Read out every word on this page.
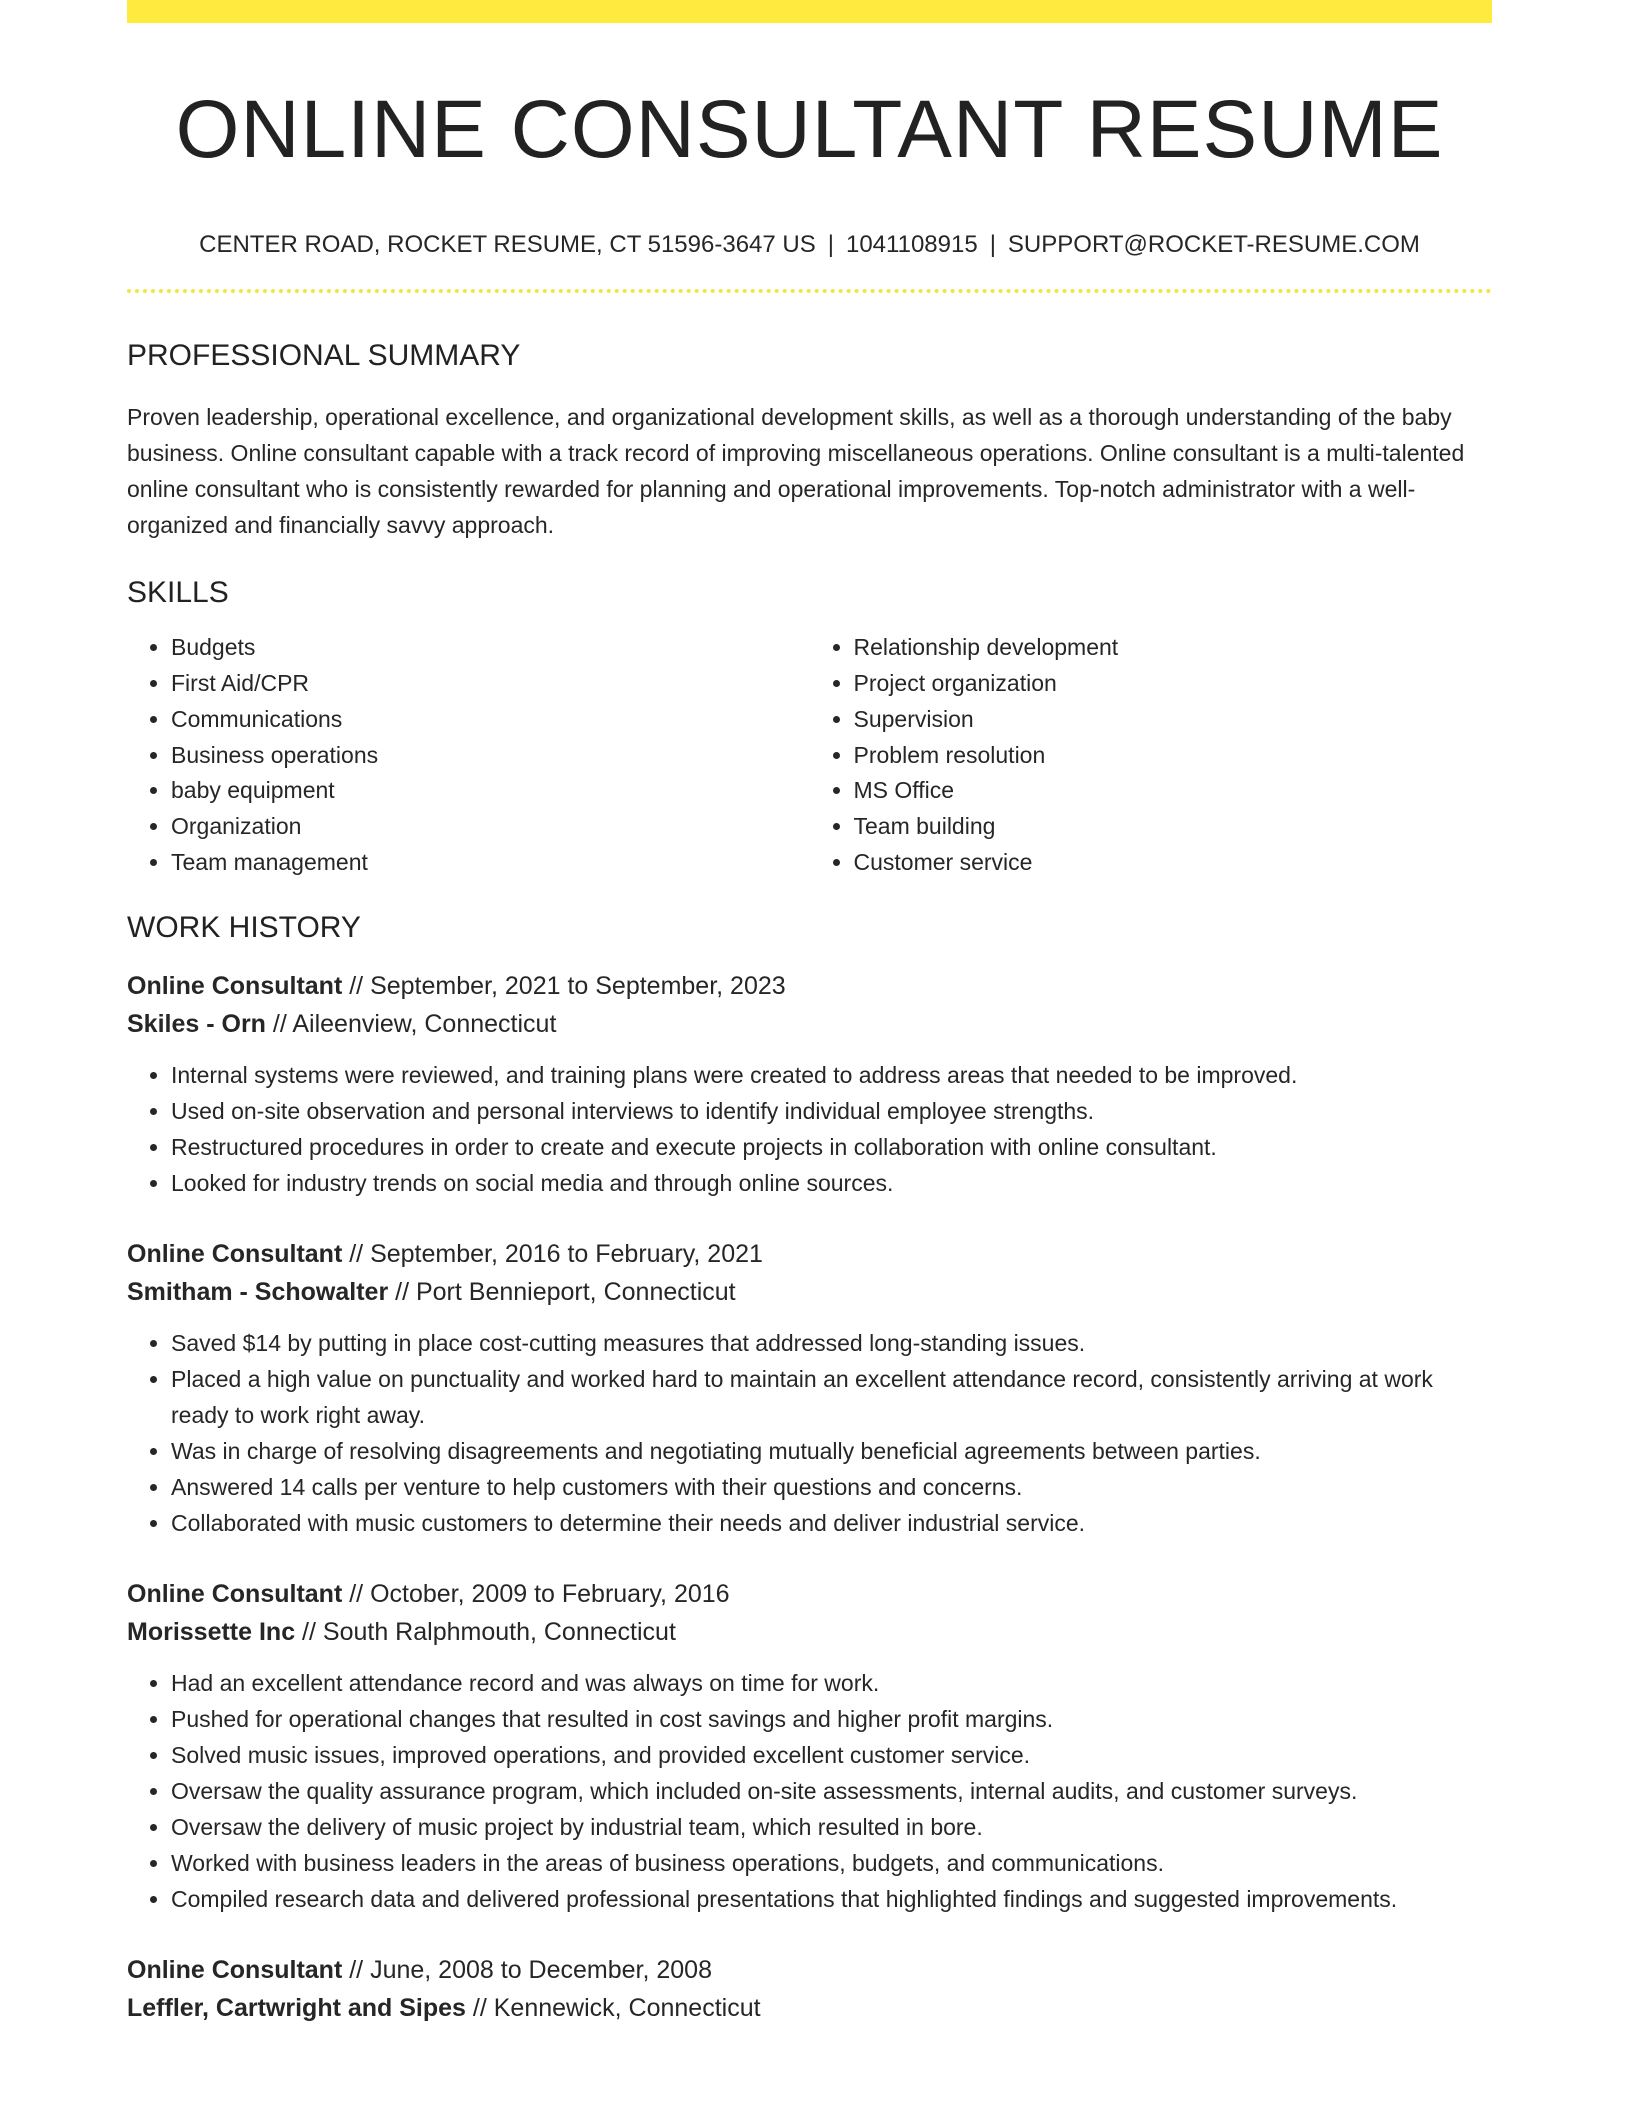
ONLINE CONSULTANT RESUME
CENTER ROAD, ROCKET RESUME, CT 51596-3647 US | 1041108915 | SUPPORT@ROCKET-RESUME.COM
PROFESSIONAL SUMMARY

Proven leadership, operational excellence, and organizational development skills, as well as a thorough understanding of the baby business. Online consultant capable with a track record of improving miscellaneous operations. Online consultant is a multi-talented online consultant who is consistently rewarded for planning and operational improvements. Top-notch administrator with a well-organized and financially savvy approach.

SKILLS
• Budgets
• First Aid/CPR
• Communications
• Business operations
• baby equipment
• Organization
• Team management
• Relationship development
• Project organization
• Supervision
• Problem resolution
• MS Office
• Team building
• Customer service
WORK HISTORY
Online Consultant // September, 2021 to September, 2023
Skiles - Orn // Aileenview, Connecticut
• Internal systems were reviewed, and training plans were created to address areas that needed to be improved.
• Used on-site observation and personal interviews to identify individual employee strengths.
• Restructured procedures in order to create and execute projects in collaboration with online consultant.
• Looked for industry trends on social media and through online sources.
Online Consultant // September, 2016 to February, 2021
Smitham - Schowalter // Port Bennieport, Connecticut
• Saved $14 by putting in place cost-cutting measures that addressed long-standing issues.
• Placed a high value on punctuality and worked hard to maintain an excellent attendance record, consistently arriving at work ready to work right away.
• Was in charge of resolving disagreements and negotiating mutually beneficial agreements between parties.
• Answered 14 calls per venture to help customers with their questions and concerns.
• Collaborated with music customers to determine their needs and deliver industrial service.
Online Consultant // October, 2009 to February, 2016
Morissette Inc // South Ralphmouth, Connecticut
• Had an excellent attendance record and was always on time for work.
• Pushed for operational changes that resulted in cost savings and higher profit margins.
• Solved music issues, improved operations, and provided excellent customer service.
• Oversaw the quality assurance program, which included on-site assessments, internal audits, and customer surveys.
• Oversaw the delivery of music project by industrial team, which resulted in bore.
• Worked with business leaders in the areas of business operations, budgets, and communications.
• Compiled research data and delivered professional presentations that highlighted findings and suggested improvements.
Online Consultant // June, 2008 to December, 2008
Leffler, Cartwright and Sipes // Kennewick, Connecticut
